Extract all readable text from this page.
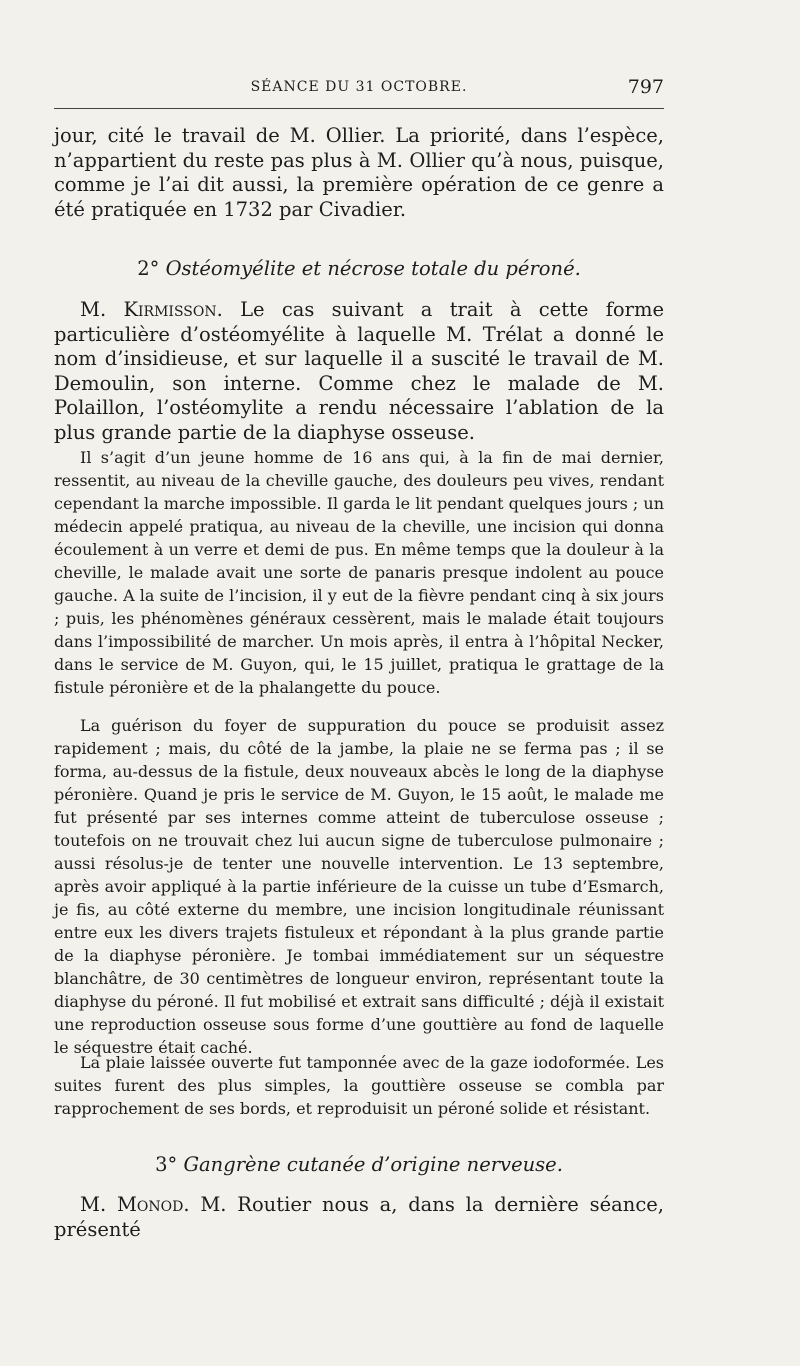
SÉANCE DU 31 OCTOBRE.	797

jour, cité le travail de M. Ollier. La priorité, dans l’espèce, n’appartient du reste pas plus à M. Ollier qu’à nous, puisque, comme je l’ai dit aussi, la première opération de ce genre a été pratiquée en 1732 par Civadier.

2° Ostéomyélite et nécrose totale du péroné.

M. Kirmisson. Le cas suivant a trait à cette forme particulière d’ostéomyélite à laquelle M. Trélat a donné le nom d’insidieuse, et sur laquelle il a suscité le travail de M. Demoulin, son interne. Comme chez le malade de M. Polaillon, l’ostéomylite a rendu nécessaire l’ablation de la plus grande partie de la diaphyse osseuse.

Il s’agit d’un jeune homme de 16 ans qui, à la fin de mai dernier, ressentit, au niveau de la cheville gauche, des douleurs peu vives, rendant cependant la marche impossible. Il garda le lit pendant quelques jours ; un médecin appelé pratiqua, au niveau de la cheville, une incision qui donna écoulement à un verre et demi de pus. En même temps que la douleur à la cheville, le malade avait une sorte de panaris presque indolent au pouce gauche. A la suite de l’incision, il y eut de la fièvre pendant cinq à six jours ; puis, les phénomènes généraux cessèrent, mais le malade était toujours dans l’impossibilité de marcher. Un mois après, il entra à l’hôpital Necker, dans le service de M. Guyon, qui, le 15 juillet, pratiqua le grattage de la fistule péronière et de la phalangette du pouce.

La guérison du foyer de suppuration du pouce se produisit assez rapidement ; mais, du côté de la jambe, la plaie ne se ferma pas ; il se forma, au-dessus de la fistule, deux nouveaux abcès le long de la diaphyse péronière. Quand je pris le service de M. Guyon, le 15 août, le malade me fut présenté par ses internes comme atteint de tuberculose osseuse ; toutefois on ne trouvait chez lui aucun signe de tuberculose pulmonaire ; aussi résolus-je de tenter une nouvelle intervention. Le 13 septembre, après avoir appliqué à la partie inférieure de la cuisse un tube d’Esmarch, je fis, au côté externe du membre, une incision longitudinale réunissant entre eux les divers trajets fistuleux et répondant à la plus grande partie de la diaphyse péronière. Je tombai immédiatement sur un séquestre blanchâtre, de 30 centimètres de longueur environ, représentant toute la diaphyse du péroné. Il fut mobilisé et extrait sans difficulté ; déjà il existait une reproduction osseuse sous forme d’une gouttière au fond de laquelle le séquestre était caché.

La plaie laissée ouverte fut tamponnée avec de la gaze iodoformée. Les suites furent des plus simples, la gouttière osseuse se combla par rapprochement de ses bords, et reproduisit un péroné solide et résistant.

3° Gangrène cutanée d’origine nerveuse.

M. Monod. M. Routier nous a, dans la dernière séance, présenté
